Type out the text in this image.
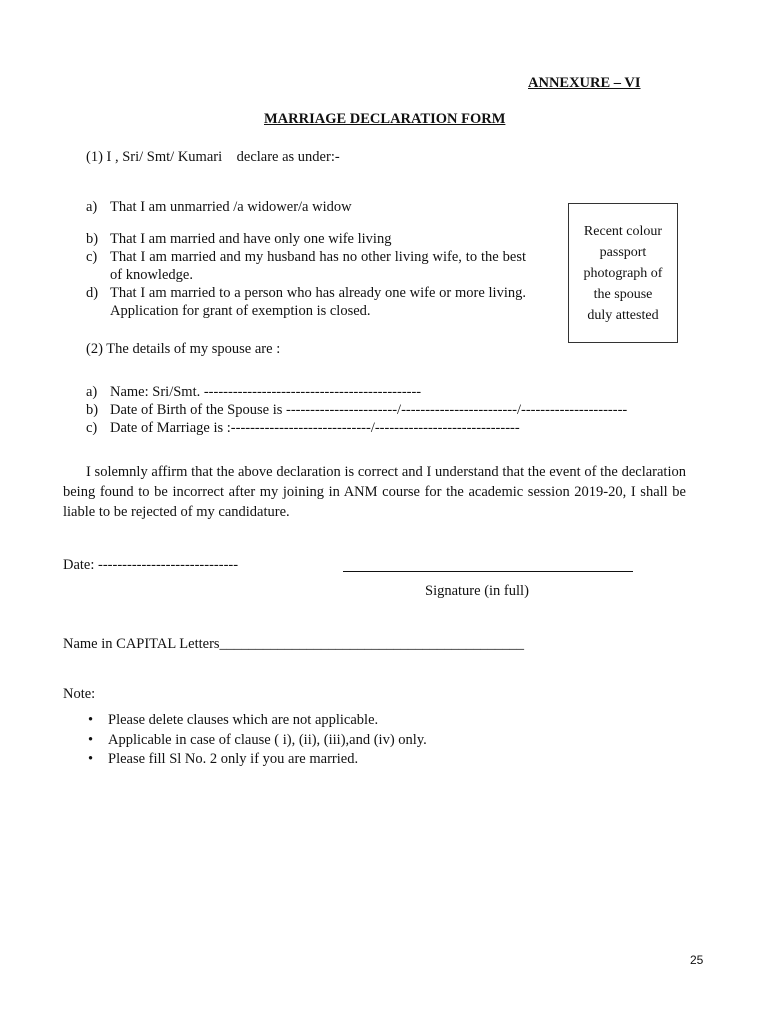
ANNEXURE – VI
MARRIAGE DECLARATION FORM
(1) I , Sri/ Smt/ Kumari    declare as under:-
a) That I am unmarried /a widower/a widow
b) That I am married and have only one wife living
c) That I am married and my husband has no other living wife, to the best of knowledge.
d) That I am married to a person who has already one wife or more living. Application for grant of exemption is closed.
Recent colour
passport
photograph of
the spouse
duly attested
(2) The details of my spouse are :
a) Name: Sri/Smt. ---------------------------------------------
b) Date of Birth of the Spouse is -----------------------/------------------------/----------------------
c) Date of Marriage is :-----------------------------/------------------------------
I solemnly affirm that the above declaration is correct and I understand that the event of the declaration being found to be incorrect after my joining in ANM course for the academic session 2019-20, I shall be liable to be rejected of my candidature.
Date: -----------------------------
Signature (in full)
Name in CAPITAL Letters__________________________________________
Note:
• Please delete clauses which are not applicable.
• Applicable in case of clause ( i), (ii), (iii),and (iv) only.
• Please fill Sl No. 2 only if you are married.
25
